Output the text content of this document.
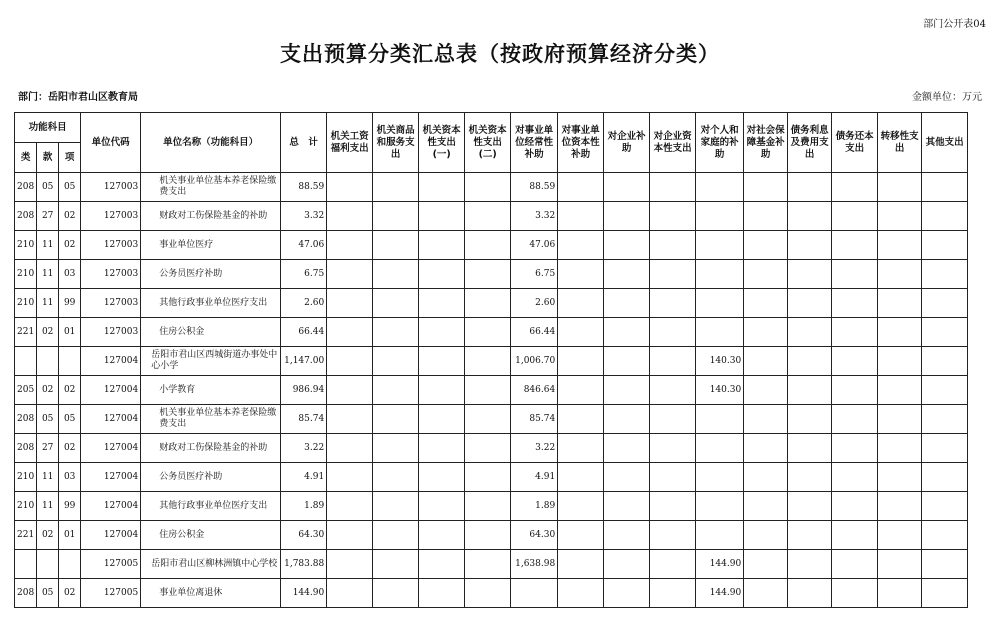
部门公开表04
支出预算分类汇总表（按政府预算经济分类）
部门：岳阳市君山区教育局	金额单位：万元
功能科目			单位代码	单位名称（功能科目）	总　计	机关工资福利支出	机关商品和服务支出	机关资本性支出(一)	机关资本性支出(二)	对事业单位经常性补助	对事业单位资本性补助	对企业补助	对企业资本性支出	对个人和家庭的补助	对社会保障基金补助	债务利息及费用支出	债务还本支出	转移性支出	其他支出
类	款	项																	
208	05	05	127003	机关事业单位基本养老保险缴费支出	88.59					88.59									
208	27	02	127003	财政对工伤保险基金的补助	3.32					3.32									
210	11	02	127003	事业单位医疗	47.06					47.06									
210	11	03	127003	公务员医疗补助	6.75					6.75									
210	11	99	127003	其他行政事业单位医疗支出	2.60					2.60									
221	02	01	127003	住房公积金	66.44					66.44									
			127004	岳阳市君山区西城街道办事处中心小学	1,147.00					1,006.70				140.30					
205	02	02	127004	小学教育	986.94					846.64				140.30					
208	05	05	127004	机关事业单位基本养老保险缴费支出	85.74					85.74									
208	27	02	127004	财政对工伤保险基金的补助	3.22					3.22									
210	11	03	127004	公务员医疗补助	4.91					4.91									
210	11	99	127004	其他行政事业单位医疗支出	1.89					1.89									
221	02	01	127004	住房公积金	64.30					64.30									
			127005	岳阳市君山区柳林洲镇中心学校	1,783.88					1,638.98				144.90					
208	05	02	127005	事业单位离退休	144.90									144.90					
